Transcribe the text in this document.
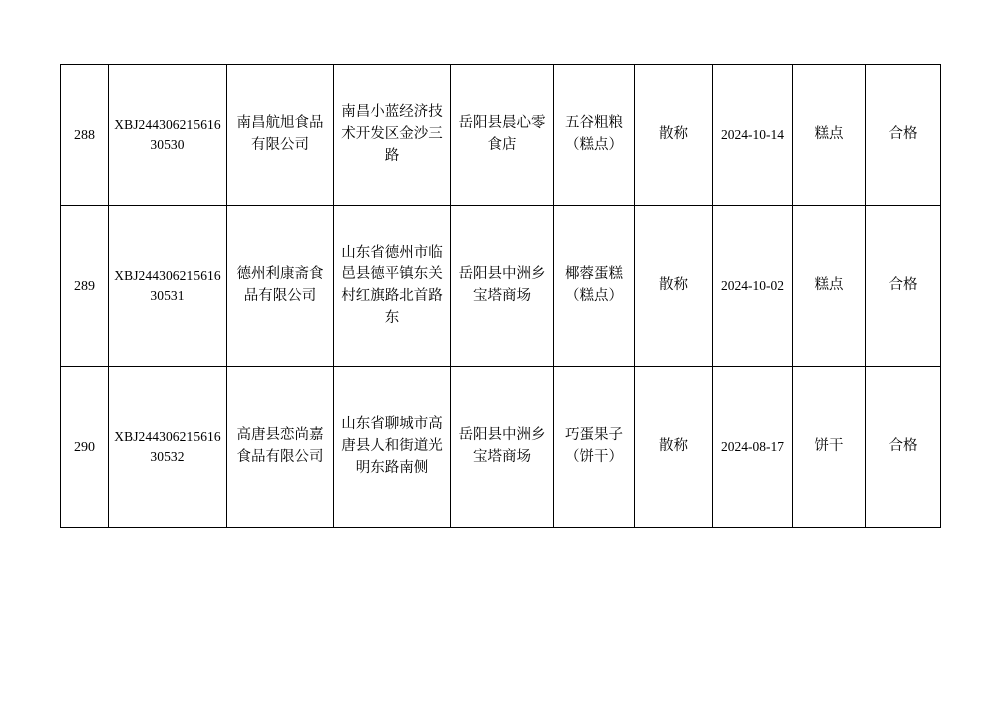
288	XBJ24430621561630530	南昌航旭食品有限公司	南昌小蓝经济技术开发区金沙三路	岳阳县晨心零食店	五谷粗粮（糕点）	散称	2024-10-14	糕点	合格
289	XBJ24430621561630531	德州利康斋食品有限公司	山东省德州市临邑县德平镇东关村红旗路北首路东	岳阳县中洲乡宝塔商场	椰蓉蛋糕（糕点）	散称	2024-10-02	糕点	合格
290	XBJ24430621561630532	高唐县恋尚嘉食品有限公司	山东省聊城市高唐县人和街道光明东路南侧	岳阳县中洲乡宝塔商场	巧蛋果子（饼干）	散称	2024-08-17	饼干	合格
